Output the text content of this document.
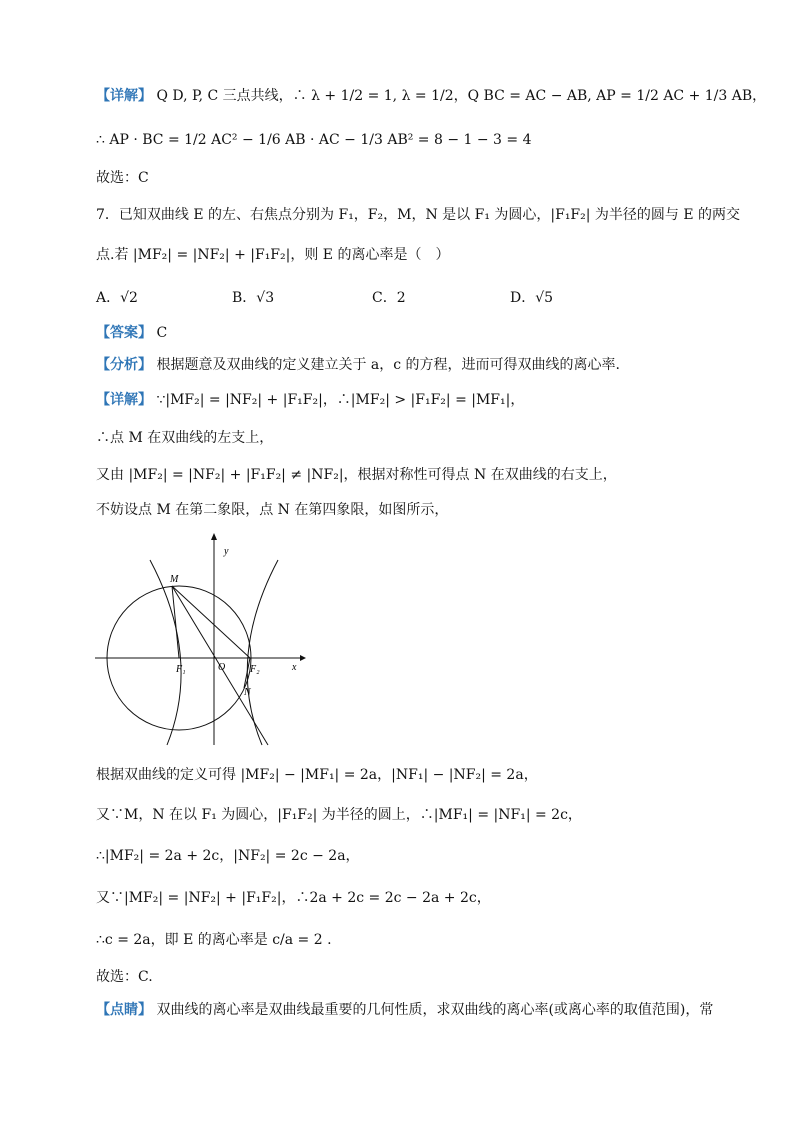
【详解】 Q D, P, C 三点共线，∴ λ + 1/2 = 1, λ = 1/2，Q BC = AC − AB, AP = 1/2 AC + 1/3 AB，
∴ AP · BC = 1/2 AC² − 1/6 AB · AC − 1/3 AB² = 8 − 1 − 3 = 4
故选：C
7．已知双曲线 E 的左、右焦点分别为 F₁，F₂，M，N 是以 F₁ 为圆心，|F₁F₂| 为半径的圆与 E 的两交
点.若 |MF₂| = |NF₂| + |F₁F₂|，则 E 的离心率是（　）
A．√2	B．√3	C．2	D．√5
【答案】 C
【分析】 根据题意及双曲线的定义建立关于 a，c 的方程，进而可得双曲线的离心率.
【详解】 ∵|MF₂| = |NF₂| + |F₁F₂|，∴|MF₂| > |F₁F₂| = |MF₁|，
∴点 M 在双曲线的左支上，
又由 |MF₂| = |NF₂| + |F₁F₂| ≠ |NF₂|，根据对称性可得点 N 在双曲线的右支上，
不妨设点 M 在第二象限，点 N 在第四象限，如图所示，
y
x
O
M
N
F₁	F₂
根据双曲线的定义可得 |MF₂| − |MF₁| = 2a，|NF₁| − |NF₂| = 2a，
又∵M，N 在以 F₁ 为圆心，|F₁F₂| 为半径的圆上，∴|MF₁| = |NF₁| = 2c，
∴|MF₂| = 2a + 2c，|NF₂| = 2c − 2a，
又∵|MF₂| = |NF₂| + |F₁F₂|，∴2a + 2c = 2c − 2a + 2c，
∴c = 2a，即 E 的离心率是 c/a = 2 .
故选：C.
【点睛】 双曲线的离心率是双曲线最重要的几何性质，求双曲线的离心率(或离心率的取值范围)，常
